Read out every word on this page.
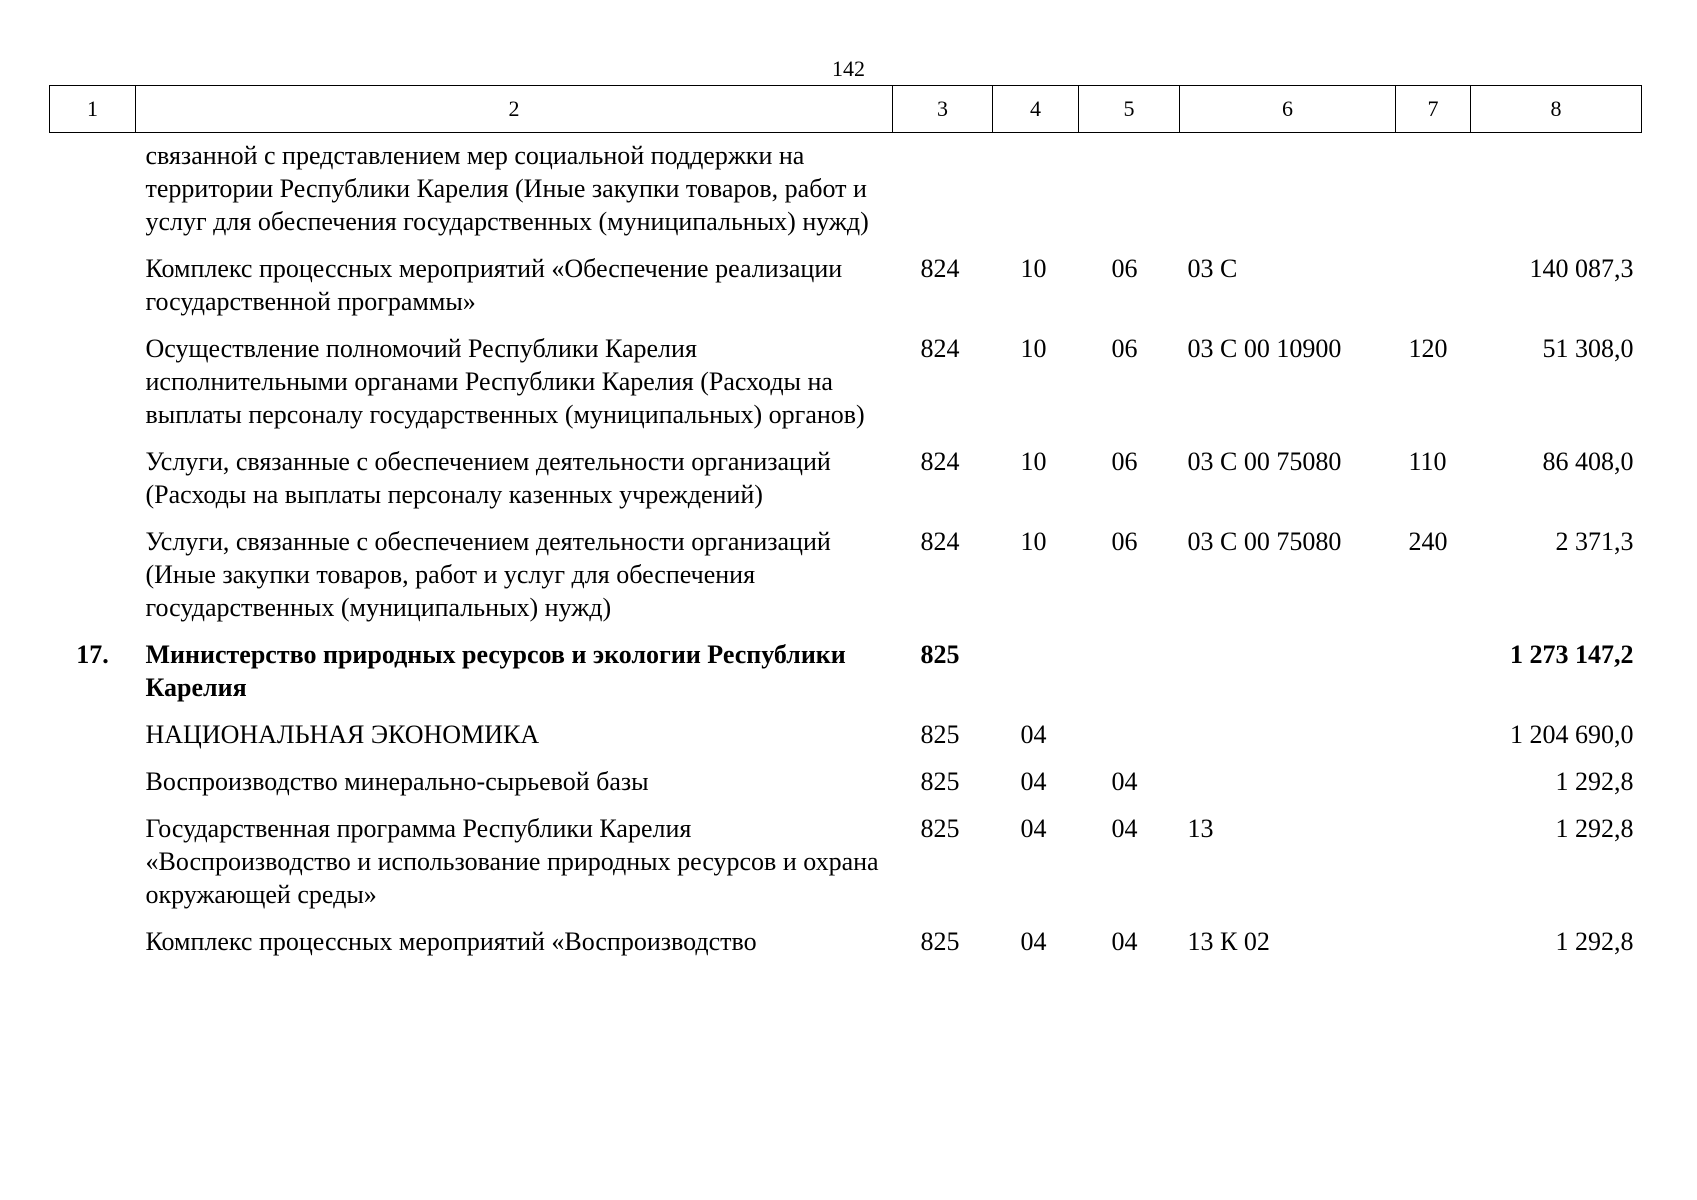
142
1	2	3	4	5	6	7	8
	связанной с представлением мер социальной поддержки на территории Республики Карелия (Иные закупки товаров, работ и услуг для обеспечения государственных (муниципальных) нужд)						
	Комплекс процессных мероприятий «Обеспечение реализации государственной программы»	824	10	06	03 С		140 087,3
	Осуществление полномочий Республики Карелия исполнительными органами Республики Карелия (Расходы на выплаты персоналу государственных (муниципальных) органов)	824	10	06	03 С 00 10900	120	51 308,0
	Услуги, связанные с обеспечением деятельности организаций (Расходы на выплаты персоналу казенных учреждений)	824	10	06	03 С 00 75080	110	86 408,0
	Услуги, связанные с обеспечением деятельности организаций (Иные закупки товаров, работ и услуг для обеспечения государственных (муниципальных) нужд)	824	10	06	03 С 00 75080	240	2 371,3
17.	Министерство природных ресурсов и экологии Республики Карелия	825					1 273 147,2
	НАЦИОНАЛЬНАЯ ЭКОНОМИКА	825	04				1 204 690,0
	Воспроизводство минерально-сырьевой базы	825	04	04			1 292,8
	Государственная программа Республики Карелия «Воспроизводство и использование природных ресурсов и охрана окружающей среды»	825	04	04	13		1 292,8
	Комплекс процессных мероприятий «Воспроизводство	825	04	04	13 К 02		1 292,8
